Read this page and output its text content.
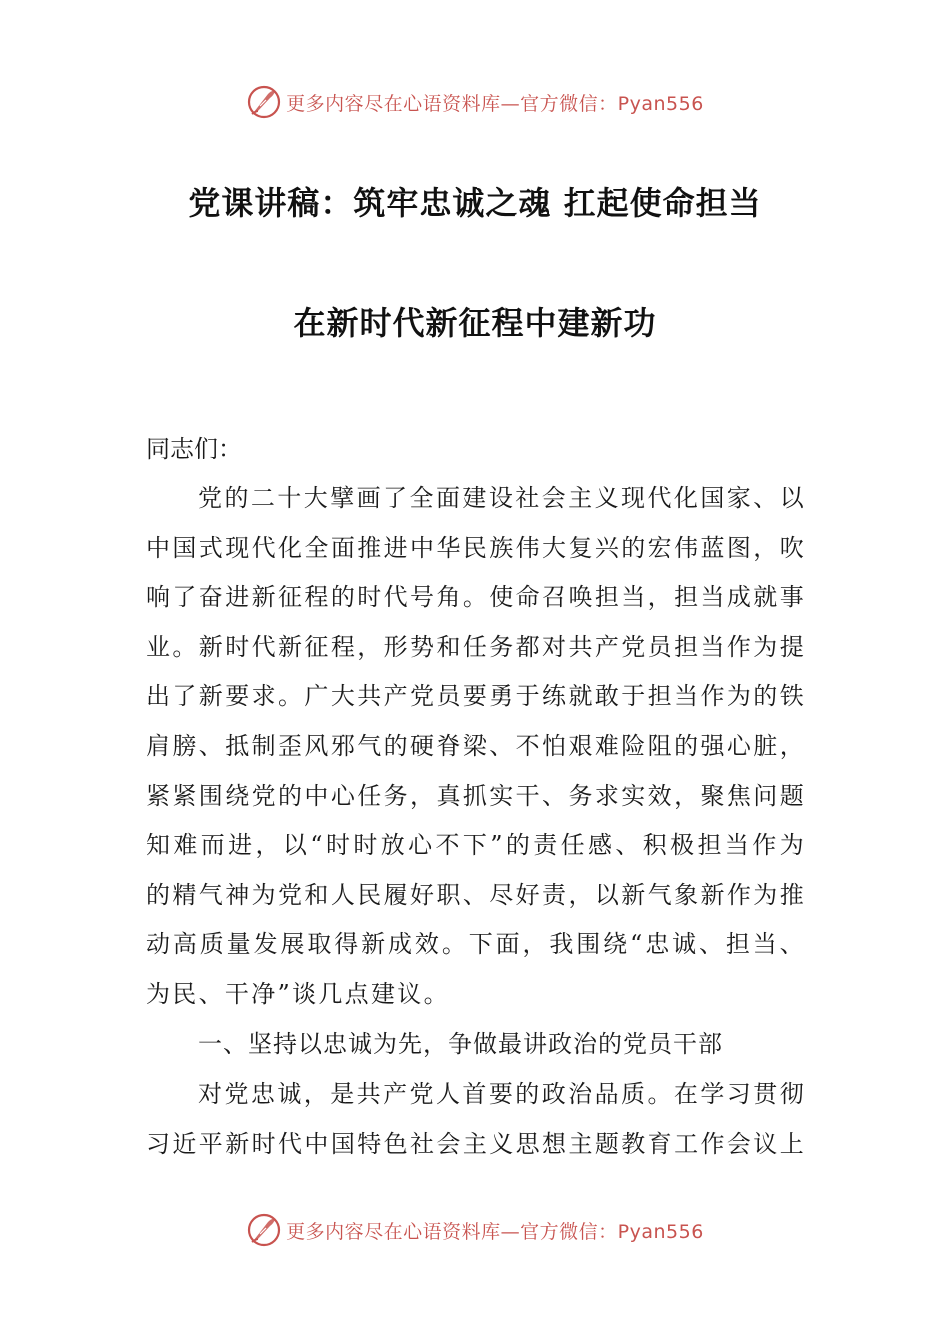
更多内容尽在心语资料库—官方微信：Pyan556
党课讲稿：筑牢忠诚之魂 扛起使命担当
在新时代新征程中建新功
同志们：
党的二十大擘画了全面建设社会主义现代化国家、以
中国式现代化全面推进中华民族伟大复兴的宏伟蓝图，吹
响了奋进新征程的时代号角。使命召唤担当，担当成就事
业。新时代新征程，形势和任务都对共产党员担当作为提
出了新要求。广大共产党员要勇于练就敢于担当作为的铁
肩膀、抵制歪风邪气的硬脊梁、不怕艰难险阻的强心脏，
紧紧围绕党的中心任务，真抓实干、务求实效，聚焦问题
知难而进，以“时时放心不下”的责任感、积极担当作为
的精气神为党和人民履好职、尽好责，以新气象新作为推
动高质量发展取得新成效。下面，我围绕“忠诚、担当、
为民、干净”谈几点建议。
一、坚持以忠诚为先，争做最讲政治的党员干部
对党忠诚，是共产党人首要的政治品质。在学习贯彻
习近平新时代中国特色社会主义思想主题教育工作会议上
更多内容尽在心语资料库—官方微信：Pyan556
